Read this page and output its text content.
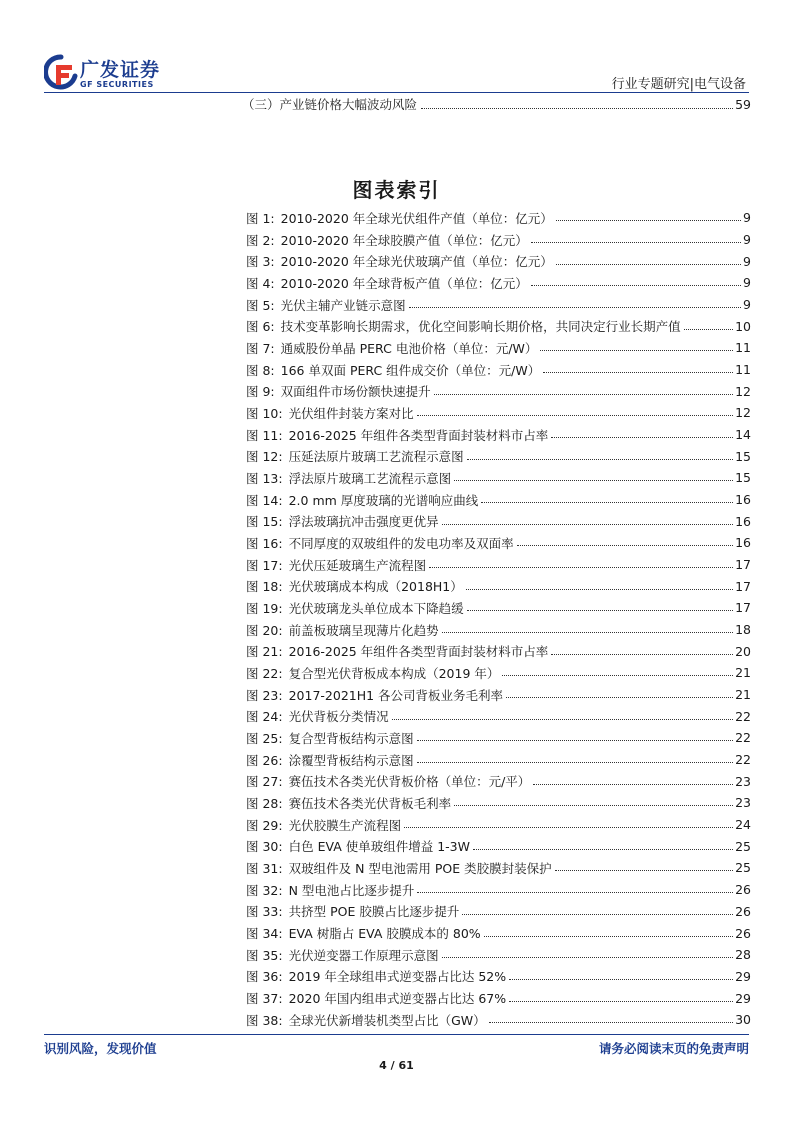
广发证券
GF SECURITIES	行业专题研究|电气设备
（三）产业链价格大幅波动风险	59
图表索引
图 1: 2010-2020 年全球光伏组件产值（单位：亿元）	9
图 2: 2010-2020 年全球胶膜产值（单位：亿元）	9
图 3: 2010-2020 年全球光伏玻璃产值（单位：亿元）	9
图 4: 2010-2020 年全球背板产值（单位：亿元）	9
图 5: 光伏主辅产业链示意图	9
图 6: 技术变革影响长期需求，优化空间影响长期价格，共同决定行业长期产值	10
图 7: 通威股份单晶 PERC 电池价格（单位：元/W）	11
图 8: 166 单双面 PERC 组件成交价（单位：元/W）	11
图 9: 双面组件市场份额快速提升	12
图 10: 光伏组件封装方案对比	12
图 11: 2016-2025 年组件各类型背面封装材料市占率	14
图 12: 压延法原片玻璃工艺流程示意图	15
图 13: 浮法原片玻璃工艺流程示意图	15
图 14: 2.0 mm 厚度玻璃的光谱响应曲线	16
图 15: 浮法玻璃抗冲击强度更优异	16
图 16: 不同厚度的双玻组件的发电功率及双面率	16
图 17: 光伏压延玻璃生产流程图	17
图 18: 光伏玻璃成本构成（2018H1）	17
图 19: 光伏玻璃龙头单位成本下降趋缓	17
图 20: 前盖板玻璃呈现薄片化趋势	18
图 21: 2016-2025 年组件各类型背面封装材料市占率	20
图 22: 复合型光伏背板成本构成（2019 年）	21
图 23: 2017-2021H1 各公司背板业务毛利率	21
图 24: 光伏背板分类情况	22
图 25: 复合型背板结构示意图	22
图 26: 涂覆型背板结构示意图	22
图 27: 赛伍技术各类光伏背板价格（单位：元/平）	23
图 28: 赛伍技术各类光伏背板毛利率	23
图 29: 光伏胶膜生产流程图	24
图 30: 白色 EVA 使单玻组件增益 1-3W	25
图 31: 双玻组件及 N 型电池需用 POE 类胶膜封装保护	25
图 32: N 型电池占比逐步提升	26
图 33: 共挤型 POE 胶膜占比逐步提升	26
图 34: EVA 树脂占 EVA 胶膜成本的 80%	26
图 35: 光伏逆变器工作原理示意图	28
图 36: 2019 年全球组串式逆变器占比达 52%	29
图 37: 2020 年国内组串式逆变器占比达 67%	29
图 38: 全球光伏新增装机类型占比（GW）	30
识别风险，发现价值	请务必阅读末页的免责声明
4 / 61
